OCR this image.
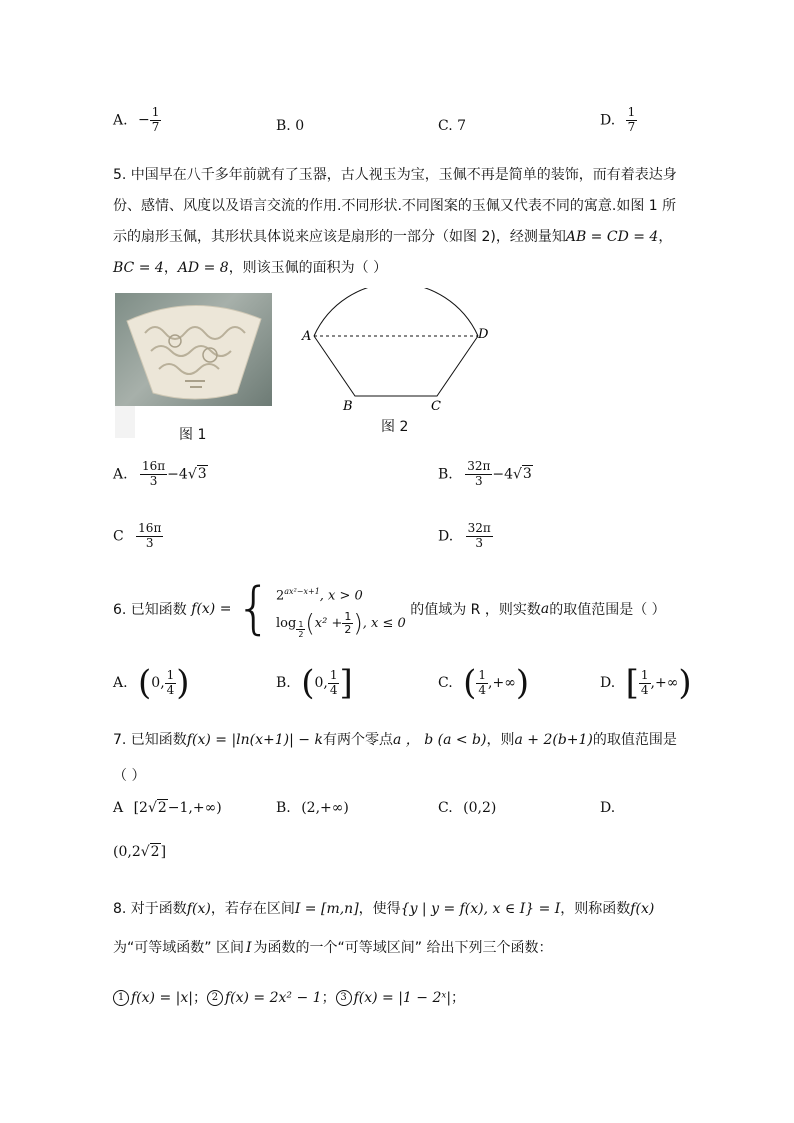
A. − $\frac{1}{7}$	B. 0	C. 7	D. $\frac{1}{7}$
5. 中国早在八千多年前就有了玉器，古人视玉为宝，玉佩不再是简单的装饰，而有着表达身
份、感情、风度以及语言交流的作用.不同形状.不同图案的玉佩又代表不同的寓意.如图 1 所
示的扇形玉佩，其形状具体说来应该是扇形的一部分（如图 2)，经测量知AB = CD = 4，
BC = 4，AD = 8，则该玉佩的面积为（ ）
图 1
A	D
B	C
图 2
A. $\frac{16\pi}{3} -4√3$	B. $\frac{32\pi}{3} -4√3$
C $\frac{16\pi}{3}$	D. $\frac{32\pi}{3}$
6. 已知函数 f(x) = { $2^{ax^2-x+1}$, x > 0
$\log \frac{1}{2} (x^2 + \frac{1}{2}$ ), x ≤ 0
的值域为 R ，则实数a的取值范围是（ ）
A. (0, $\frac{1}{4}$ )	B. (0, $\frac{1}{4}$ ]	C. ( $\frac{1}{4}$ ,+∞)	D. [ $\frac{1}{4}$ ,+∞)
7. 已知函数f(x) = |ln(x+1)| − k有两个零点a ， b (a < b)，则a + 2(b+1)的取值范围是
（ ）
A [2√2−1,+∞)	B. (2,+∞)	C. (0,2)	D.
(0,2√2]
8. 对于函数f(x)，若存在区间I = [m,n]，使得{y | y = f(x), x ∈ I} = I，则称函数f(x)
为“可等域函数” 区间 I 为函数的一个“可等域区间” 给出下列三个函数：
1 f(x) = |x|； 2 f(x) = 2x² − 1； 3 f(x) = |1 − 2ˣ|；
